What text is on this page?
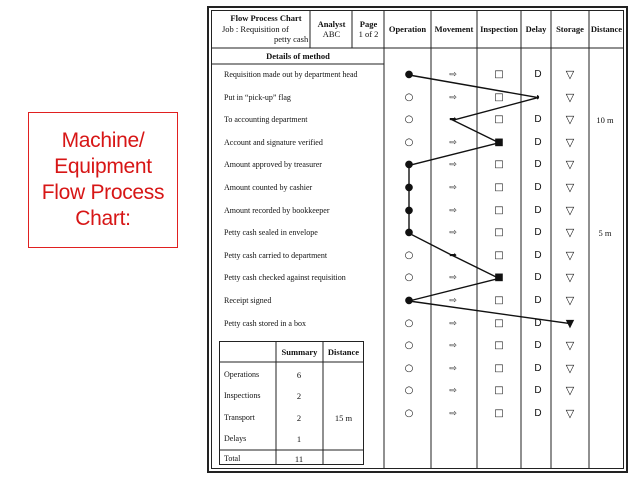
Machine/
Equipment
Flow Process
Chart:
Flow Process Chart
Job : Requisition of
petty cash
Analyst
ABC
Page
1 of 2	Operation Movement Inspection Delay	Storage Distance
Details of method
Requisition made out by department head	●	⇨	□	D	▽
Put in “pick-up” flag	○	⇨	□	◗	▽
To accounting department	○	➡	□	D	▽	10 m
Account and signature verified	○	⇨	■	D	▽
Amount approved by treasurer	●	⇨	□	D	▽
Amount counted by cashier	●	⇨	□	D	▽
Amount recorded by bookkeeper	●	⇨	□	D	▽
Petty cash sealed in envelope	●	⇨	□	D	▽	5 m
Petty cash carried to department	○	➡	□	D	▽
Petty cash checked against requisition	○	⇨	■	D	▽
Receipt signed	●	⇨	□	D	▽
Petty cash stored in a box	○	⇨	□	D	▼
○	⇨	□	D	▽
○	⇨	□	D	▽
○	⇨	□	D	▽
○	⇨	□	D	▽
Summary	Distance
Operations	6
Inspections	2
Transport	2	15 m
Delays	1
Total	11
